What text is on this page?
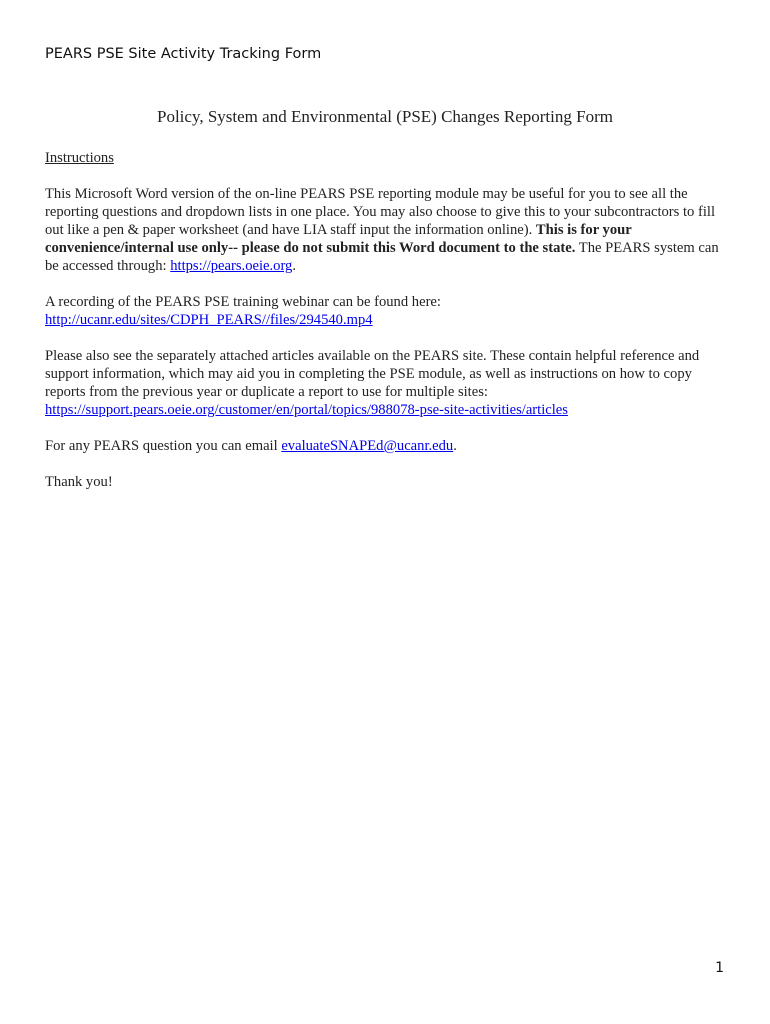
PEARS PSE Site Activity Tracking Form
Policy, System and Environmental (PSE) Changes Reporting Form

Instructions

This Microsoft Word version of the on-line PEARS PSE reporting module may be useful for you to see all the reporting questions and dropdown lists in one place. You may also choose to give this to your subcontractors to fill out like a pen & paper worksheet (and have LIA staff input the information online). This is for your convenience/internal use only-- please do not submit this Word document to the state. The PEARS system can be accessed through: https://pears.oeie.org.

A recording of the PEARS PSE training webinar can be found here:
http://ucanr.edu/sites/CDPH_PEARS//files/294540.mp4

Please also see the separately attached articles available on the PEARS site. These contain helpful reference and support information, which may aid you in completing the PSE module, as well as instructions on how to copy reports from the previous year or duplicate a report to use for multiple sites:
https://support.pears.oeie.org/customer/en/portal/topics/988078-pse-site-activities/articles

For any PEARS question you can email evaluateSNAPEd@ucanr.edu.

Thank you!

1
